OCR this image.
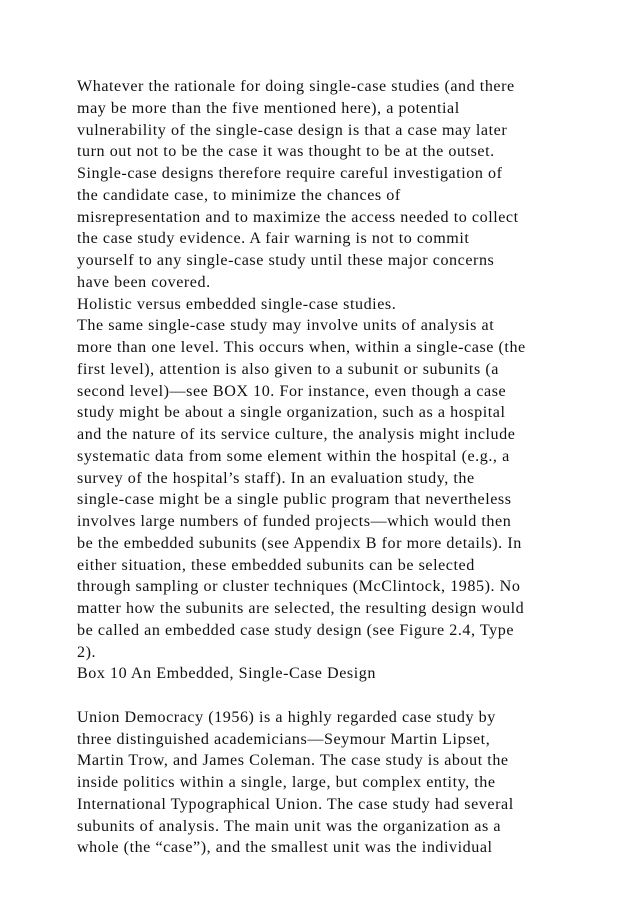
Whatever the rationale for doing single-case studies (and there
may be more than the five mentioned here), a potential
vulnerability of the single-case design is that a case may later
turn out not to be the case it was thought to be at the outset.
Single-case designs therefore require careful investigation of
the candidate case, to minimize the chances of
misrepresentation and to maximize the access needed to collect
the case study evidence. A fair warning is not to commit
yourself to any single-case study until these major concerns
have been covered.
Holistic versus embedded single-case studies.
The same single-case study may involve units of analysis at
more than one level. This occurs when, within a single-case (the
first level), attention is also given to a subunit or subunits (a
second level)—see BOX 10. For instance, even though a case
study might be about a single organization, such as a hospital
and the nature of its service culture, the analysis might include
systematic data from some element within the hospital (e.g., a
survey of the hospital’s staff). In an evaluation study, the
single-case might be a single public program that nevertheless
involves large numbers of funded projects—which would then
be the embedded subunits (see Appendix B for more details). In
either situation, these embedded subunits can be selected
through sampling or cluster techniques (McClintock, 1985). No
matter how the subunits are selected, the resulting design would
be called an embedded case study design (see Figure 2.4, Type
2).
Box 10 An Embedded, Single-Case Design
Union Democracy (1956) is a highly regarded case study by
three distinguished academicians—Seymour Martin Lipset,
Martin Trow, and James Coleman. The case study is about the
inside politics within a single, large, but complex entity, the
International Typographical Union. The case study had several
subunits of analysis. The main unit was the organization as a
whole (the “case”), and the smallest unit was the individual
